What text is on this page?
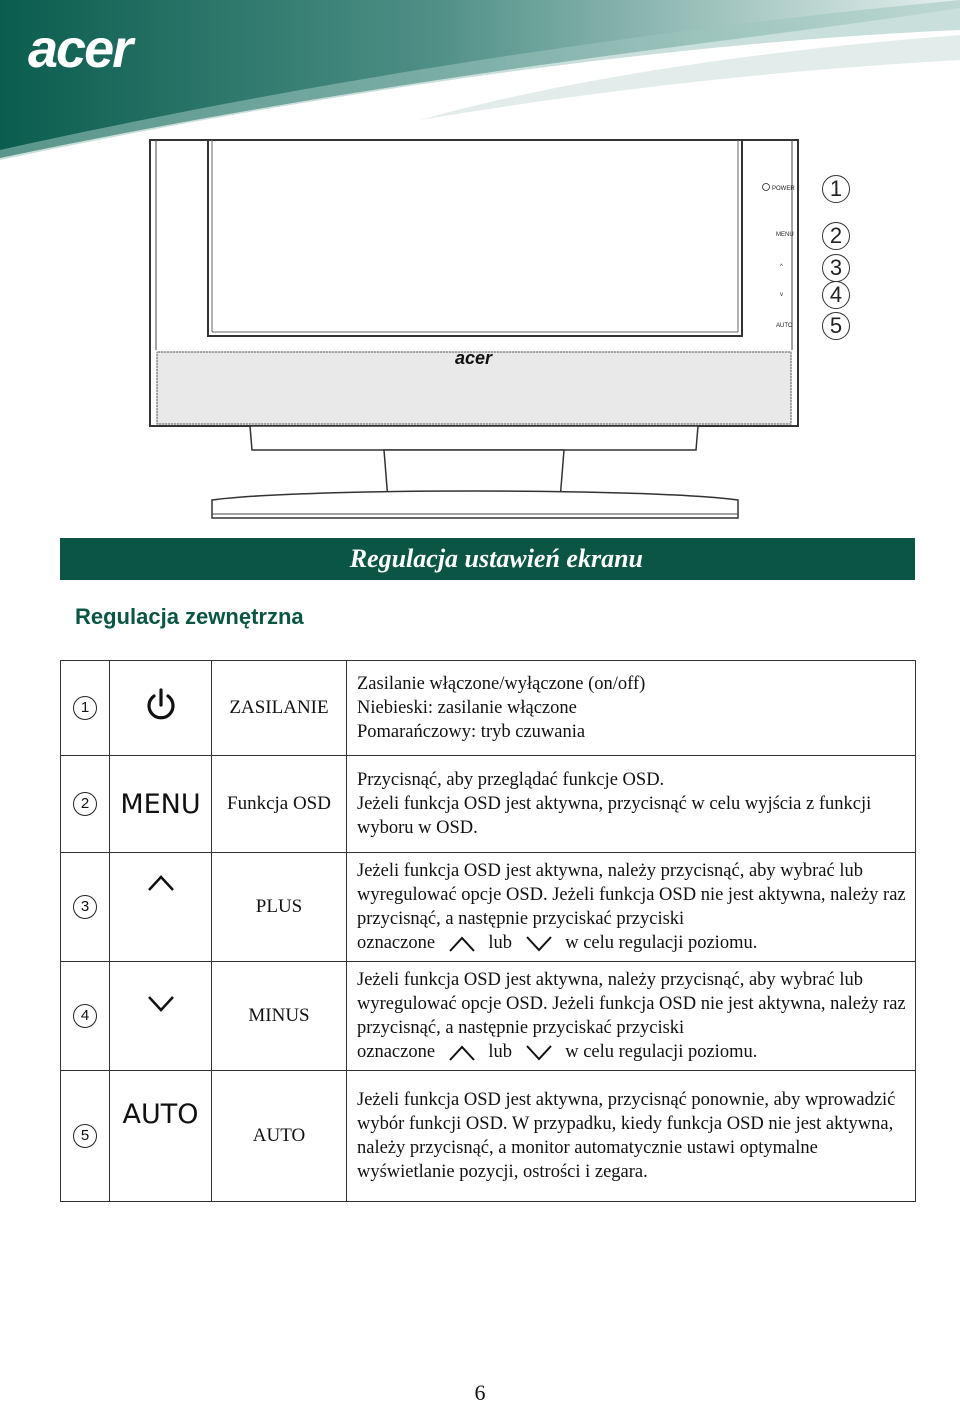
acer
POWER
MENU
^
v
AUTO
acer
1
2
3
4
5
Regulacja ustawień ekranu
Regulacja zewnętrzna
1		ZASILANIE	Zasilanie włączone/wyłączone (on/off)
Niebieski: zasilanie włączone
Pomarańczowy: tryb czuwania

2	MENU	Funkcja OSD	Przycisnąć, aby przeglądać funkcje OSD.
Jeżeli funkcja OSD jest aktywna, przycisnąć w celu wyjścia z funkcji wyboru w OSD.

3		PLUS	Jeżeli funkcja OSD jest aktywna, należy przycisnąć, aby wybrać lub wyregulować opcje OSD. Jeżeli funkcja OSD nie jest aktywna, należy raz przycisnąć, a następnie przyciskać przyciski
oznaczone lub w celu regulacji poziomu.

4		MINUS	Jeżeli funkcja OSD jest aktywna, należy przycisnąć, aby wybrać lub wyregulować opcje OSD. Jeżeli funkcja OSD nie jest aktywna, należy raz przycisnąć, a następnie przyciskać przyciski
oznaczone lub w celu regulacji poziomu.

5	AUTO	AUTO	Jeżeli funkcja OSD jest aktywna, przycisnąć ponownie, aby wprowadzić wybór funkcji OSD. W przypadku, kiedy funkcja OSD nie jest aktywna, należy przycisnąć, a monitor automatycznie ustawi optymalne wyświetlanie pozycji, ostrości i zegara.
6
